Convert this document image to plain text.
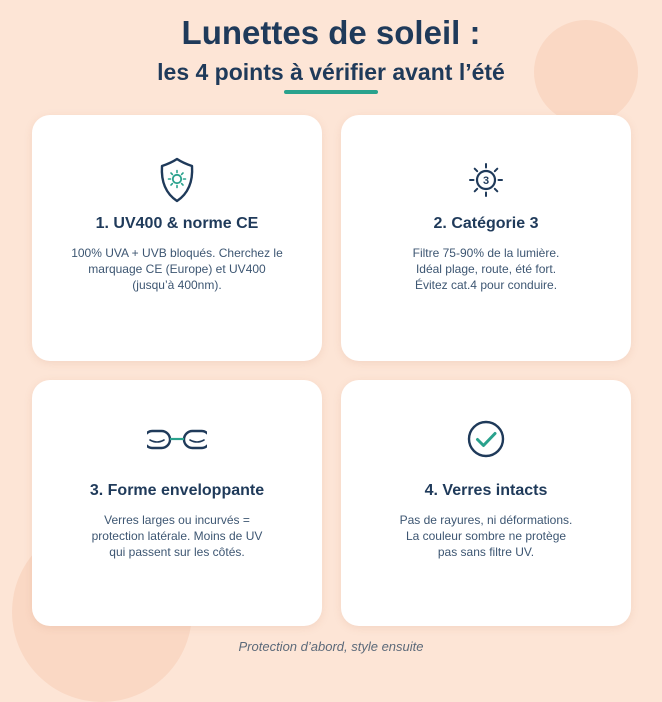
Lunettes de soleil :
les 4 points à vérifier avant l’été
1. UV400 & norme CE

100% UVA + UVB bloqués. Cherchez le
marquage CE (Europe) et UV400
(jusqu’à 400nm).

3
2. Catégorie 3

Filtre 75-90% de la lumière.
Idéal plage, route, été fort.
Évitez cat.4 pour conduire.

3. Forme enveloppante

Verres larges ou incurvés =
protection latérale. Moins de UV
qui passent sur les côtés.

4. Verres intacts

Pas de rayures, ni déformations.
La couleur sombre ne protège
pas sans filtre UV.

Protection d’abord, style ensuite
